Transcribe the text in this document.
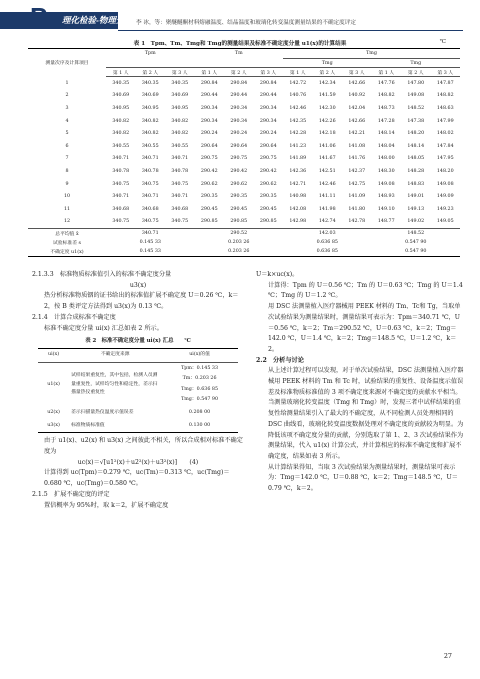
P 理化检验-物理分册 李 冰，等：聚醚醚酮材料熔融温度、结晶温度和玻璃化转变温度测量结果的不确定度评定
表 1　Tpm、Tm、Tmg和 Tmg的测量结果及标准不确定度分量 u1(x)的计算结果	℃
测量次序及计算项目	Tpm			Tm			Tmg					
							Tmg			Tmg		
	第 1 人	第 2 人	第 3 人	第 1 人	第 2 人	第 3 人	第 1 人	第 2 人	第 3 人	第 1 人	第 2 人	第 3 人
1	340.35	340.35	340.35	290.84	290.84	290.84	142.72	142.34	142.66	147.76	147.80	147.87
2	340.69	340.69	340.69	290.44	290.44	290.44	140.76	141.59	140.92	148.82	149.08	148.82
3	340.95	340.95	340.95	290.34	290.34	290.34	142.46	142.30	142.04	148.73	148.52	148.63
4	340.82	340.82	340.82	290.34	290.34	290.34	142.35	142.26	142.66	147.28	147.38	147.99
5	340.82	340.82	340.82	290.24	290.24	290.24	142.28	142.18	142.21	148.14	148.20	148.02
6	340.55	340.55	340.55	290.64	290.64	290.64	141.23	141.06	141.08	148.04	148.14	147.84
7	340.71	340.71	340.71	290.75	290.75	290.75	141.89	141.67	141.76	148.00	148.05	147.95
8	340.78	340.78	340.78	290.42	290.42	290.42	142.36	142.51	142.37	148.30	148.28	148.20
9	340.75	340.75	340.75	290.62	290.62	290.62	142.71	142.46	142.75	149.08	148.83	149.08
10	340.71	340.71	340.71	290.35	290.35	290.35	140.98	141.11	141.09	148.93	149.01	149.09
11	340.68	340.68	340.68	290.45	290.45	290.45	142.08	141.98	141.80	149.10	149.13	149.23
12	340.75	340.75	340.75	290.85	290.85	290.85	142.98	142.74	142.78	148.77	149.02	149.05
总平均值 x̄	340.71			290.52			142.03			148.52		
试验标准差 s	0.145 33			0.203 26			0.636 85			0.547 90		
不确定度 u1(x)	0.145 33			0.203 26			0.636 85			0.547 90		

2.1.3.3　标准物质标准值引入的标准不确定度分量

u3(x)

热分析标准物质铟的证书给出的标准值扩展不确定度 U＝0.26 ℃，k＝2，按 B 类评定方法得到 u3(x)为 0.13 ℃。

2.1.4　计算合成标准不确定度

标准不确定度分量 ui(x) 汇总如表 2 所示。

表 2　标准不确定度分量 ui(x) 汇总　　℃
ui(x)	不确定度来源	ui(x)的值
u1(x)	试样结果重复性，其中包括，检测人员测量重复性，试样均匀性和稳定性，差示扫描量热仪重复性	Tpm：0.145 33
Tm：0.203 26
Tmg：0.636 85
Tmg：0.547 90

u2(x)	差示扫描量热仪温度示值误差	0.208 00
u3(x)	标准物质标准值	0.130 00

由于 u1(x)、u2(x) 和 u3(x) 之间彼此不相关，所以合成相对标准不确定度为

uc(x)＝√[u1²(x)＋u2²(x)＋u3²(x)]　　(4)

计算得到 uc(Tpm)＝0.279 ℃，uc(Tm)＝0.313 ℃，uc(Tmg)＝0.680 ℃，uc(Tmg)＝0.580 ℃。

2.1.5　扩展不确定度的评定

置信概率为 95%时，取 k＝2，扩展不确定度

U＝k×uc(x)。

计算得：Tpm 的 U＝0.56 ℃；Tm 的 U＝0.63 ℃；Tmg 的 U＝1.4 ℃；Tmg 的 U＝1.2 ℃。

用 DSC 法测量植入医疗器械用 PEEK 材料的 Tm、Tc和 Tg，当取单次试验结果为测量结果时，测量结果可表示为：Tpm＝340.71 ℃，U＝0.56 ℃，k＝2；Tm＝290.52 ℃，U＝0.63 ℃，k＝2；Tmg＝142.0 ℃，U＝1.4 ℃，k＝2；Tmg＝148.5 ℃，U＝1.2 ℃，k＝2。

2.2　分析与讨论

从上述计算过程可以发现，对于单次试验结果，DSC 法测量植入医疗器械用 PEEK 材料的 Tm 和 Tc 时，试验结果的重复性、设备温度示值误差及标准物质标准值的 3 项不确定度来源对不确定度的贡献水平相当。当测量玻璃化转变温度（Tmg 和 Tmg）时，发现三者中试样结果的重复性给测量结果引入了最大的不确定度，从不同检测人员处理相同的 DSC 曲线看，玻璃化转变温度数据处理对不确定度的贡献较为明显。为降低该项不确定度分量的贡献，分别选取了第 1、2、3 次试验结果作为测量结果，代入 u1(x) 计算公式，并计算相应的标准不确定度和扩展不确定度，结果如表 3 所示。

从计算结果得知，当取 3 次试验结果为测量结果时，测量结果可表示为：Tmg＝142.0 ℃，U＝0.88 ℃，k＝2；Tmg＝148.5 ℃，U＝0.79 ℃，k＝2。

27
